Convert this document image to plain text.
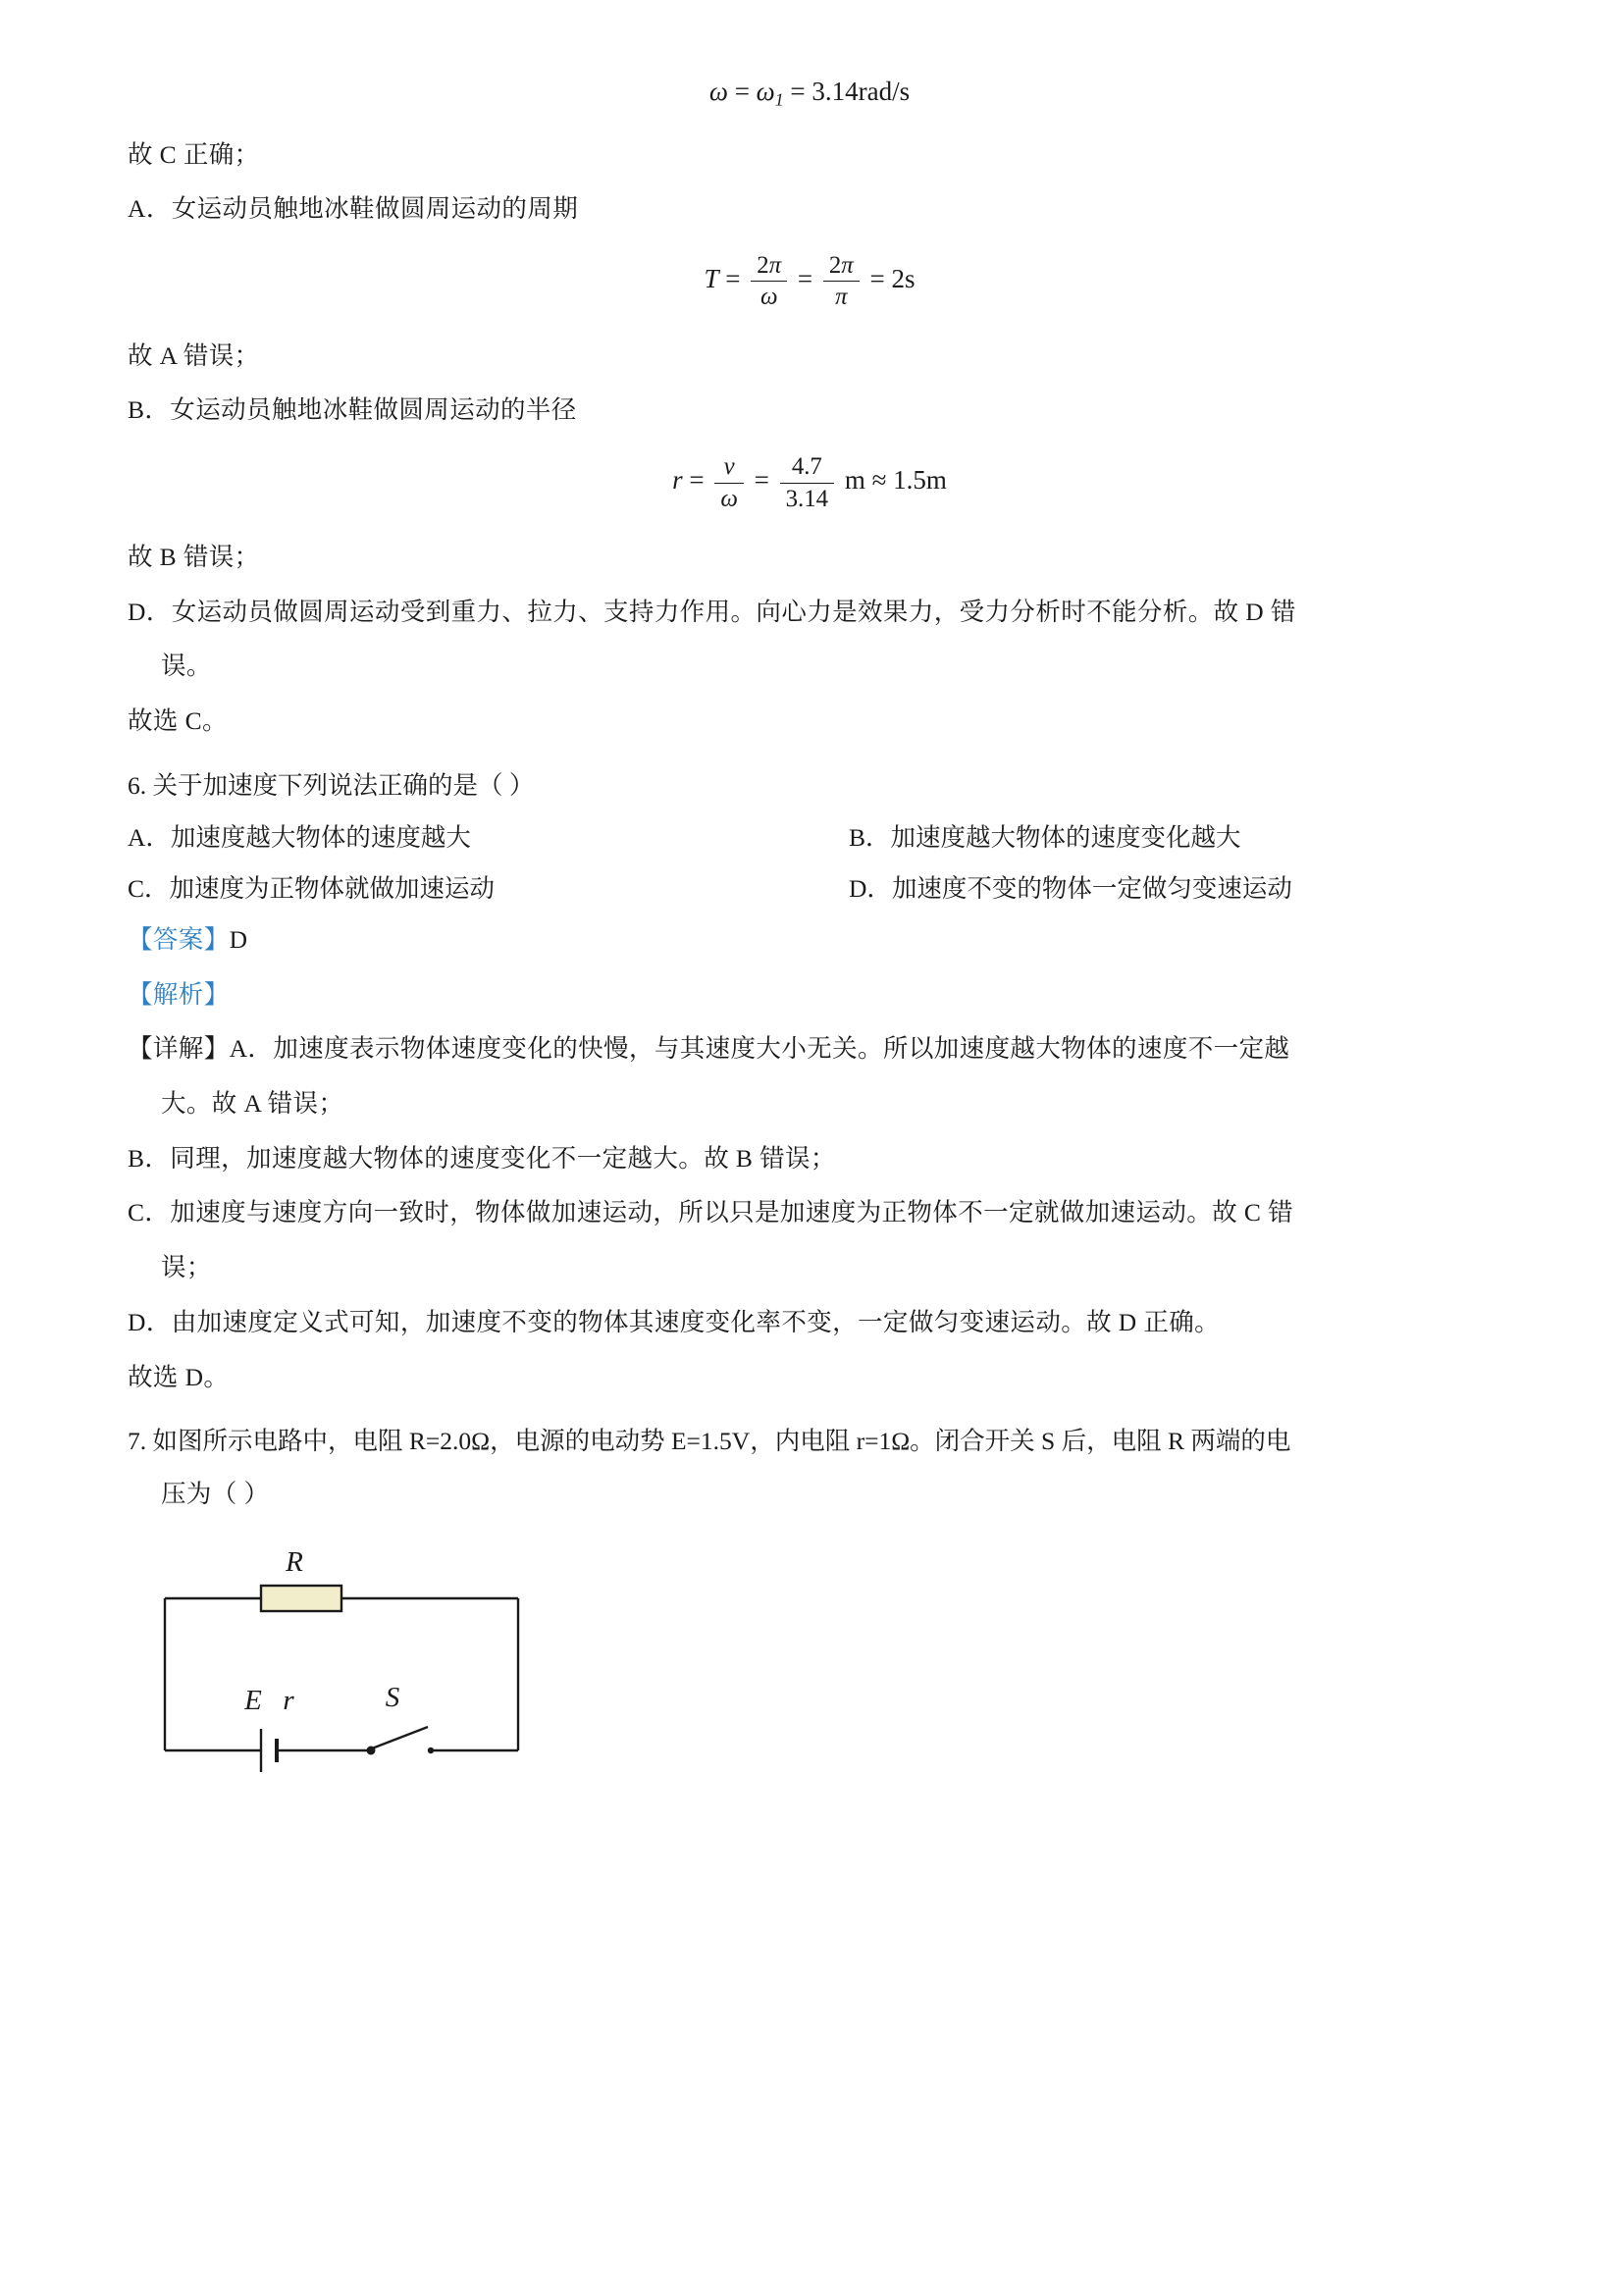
$\omega = \omega_1 = 3.14rad/s$
故 C 正确；
A．女运动员触地冰鞋做圆周运动的周期
$T = \frac{2\pi}{\omega} = \frac{2\pi}{\pi} = 2s$
故 A 错误；
B．女运动员触地冰鞋做圆周运动的半径
$r = \frac{v}{\omega} = \frac{4.7}{3.14}$ m ≈ 1.5m
故 B 错误；
D．女运动员做圆周运动受到重力、拉力、支持力作用。向心力是效果力，受力分析时不能分析。故 D 错
误。
故选 C。
6. 关于加速度下列说法正确的是（ ）
A．加速度越大物体的速度越大	B．加速度越大物体的速度变化越大
C．加速度为正物体就做加速运动	D．加速度不变的物体一定做匀变速运动
【答案】D
【解析】
【详解】A．加速度表示物体速度变化的快慢，与其速度大小无关。所以加速度越大物体的速度不一定越
大。故 A 错误；
B．同理，加速度越大物体的速度变化不一定越大。故 B 错误；
C．加速度与速度方向一致时，物体做加速运动，所以只是加速度为正物体不一定就做加速运动。故 C 错
误；
D．由加速度定义式可知，加速度不变的物体其速度变化率不变，一定做匀变速运动。故 D 正确。
故选 D。
7. 如图所示电路中，电阻 R=2.0Ω，电源的电动势 E=1.5V，内电阻 r=1Ω。闭合开关 S 后，电阻 R 两端的电
压为（ ）
R
E r	S
